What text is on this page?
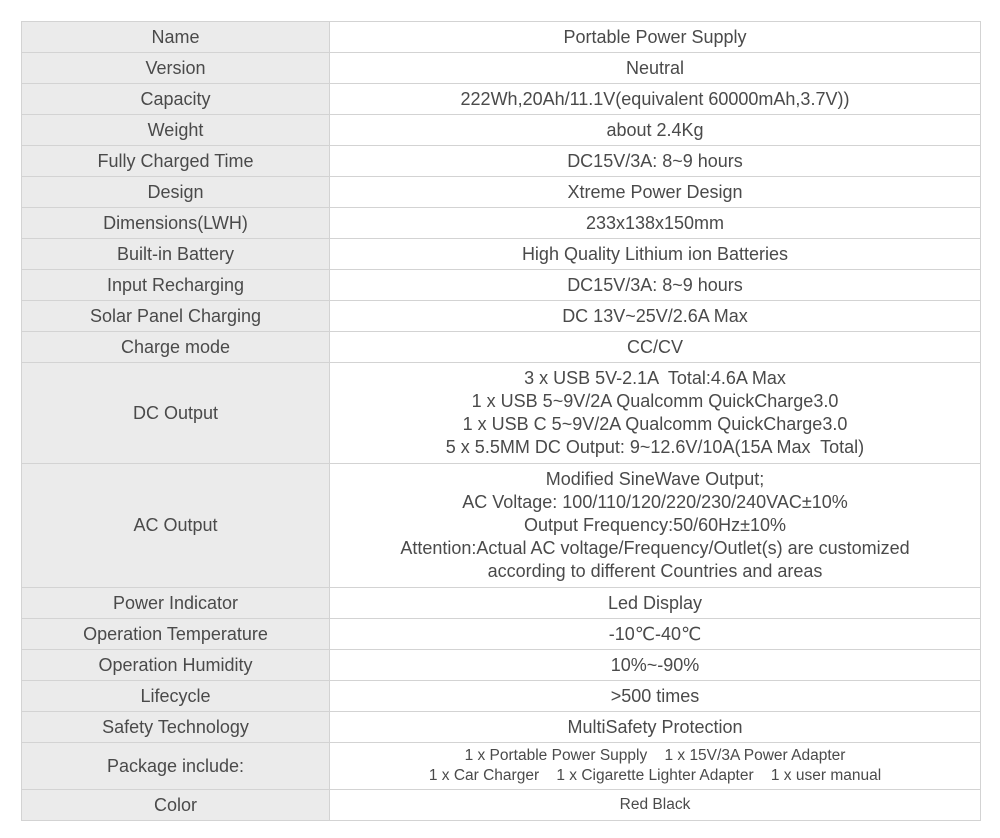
Name	Portable Power Supply

Version	Neutral

Capacity	222Wh,20Ah/11.1V(equivalent 60000mAh,3.7V))

Weight	about 2.4Kg

Fully Charged Time	DC15V/3A: 8~9 hours

Design	Xtreme Power Design

Dimensions(LWH)	233x138x150mm

Built-in Battery	High Quality Lithium ion Batteries

Input Recharging	DC15V/3A: 8~9 hours

Solar Panel Charging	DC 13V~25V/2.6A Max

Charge mode	CC/CV

DC Output	3 x USB 5V-2.1A  Total:4.6A Max
1 x USB 5~9V/2A Qualcomm QuickCharge3.0
1 x USB C 5~9V/2A Qualcomm QuickCharge3.0
5 x 5.5MM DC Output: 9~12.6V/10A(15A Max  Total)

AC Output	Modified SineWave Output;
AC Voltage: 100/110/120/220/230/240VAC±10%
Output Frequency:50/60Hz±10%
Attention:Actual AC voltage/Frequency/Outlet(s) are customized
according to different Countries and areas

Power Indicator	Led Display

Operation Temperature	-10℃-40℃

Operation Humidity	10%~-90%

Lifecycle	>500 times

Safety Technology	MultiSafety Protection

Package include:	1 x Portable Power Supply    1 x 15V/3A Power Adapter
1 x Car Charger    1 x Cigarette Lighter Adapter    1 x user manual

Color	Red Black
